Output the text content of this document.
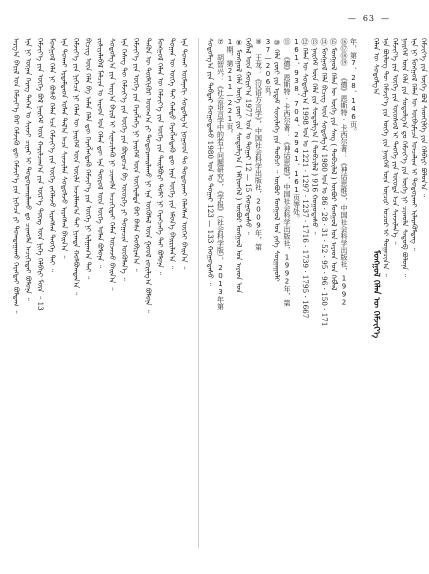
— 63 —
ᠮᠣᠩᠭᠣᠯ ᠬᠡᠯᠡᠨ ᠦ ᠬᠡᠮᠵᠢᠶ᠎ᠡ
ᠠᠷᠭ᠎ᠠ ᠪᠠᠷᠢᠯ ᠤᠨ ᠬᠡᠮᠵᠢᠶ᠎ᠡ ᠪᠡᠷ ᠬᠡᠮᠵᠢᠬᠦ ᠳᠦ ᠬᠡᠮᠵᠢᠶ᠎ᠡ ᠶᠢᠨ ᠨᠢᠭᠡᠴᠡ ᠶᠢ ᠲᠣᠭᠲᠠᠭᠠᠬᠤ ᠬᠡᠷᠡᠭᠲᠡᠢ ᠪᠣᠯᠳᠠᠭ ᠃ ᠡᠨᠡ ᠨᠢ ᠦᠨᠡᠨ ᠬᠡᠷᠡᠭ ᠲᠡᠭᠡᠨ ᠤ ᠰᠢᠨᠵᠢ ᠴᠢᠨᠠᠷ ᠢ ᠲᠣᠳᠣᠷᠬᠠᠢᠯᠠᠬᠤ ᠳᠤ ᠴᠢᠬᠤᠯᠠ ᠠᠴᠢᠬᠢᠲᠠᠢ ᠪᠣᠯᠤᠨᠠ ᠃ ᠬᠡᠮᠵᠢᠶ᠎ᠡ ᠶᠢᠨ ᠥᠭᠡ ᠪᠣᠯ ᠨᠡᠢᠭᠡᠮ ᠦᠨ ᠬᠠᠷᠢᠯᠴᠠᠭ᠎ᠠ ᠶᠢᠨ ᠦᠷ᠎ᠡ ᠳᠦᠩ ᠦᠨ ᠨᠢᠭᠡ ᠬᠡᠯᠪᠡᠷᠢ ᠮᠦᠨ ᠃ 13 ᠮᠣᠩᠭᠣᠯ ᠬᠡᠯᠡ ᠨᠢ ᠪᠣᠰᠤ ᠬᠡᠯᠡᠨ ᠡᠴᠡ ᠬᠡᠮᠵᠢᠶ᠎ᠡ ᠶᠢᠨ ᠦᠭᠡ ᠵᠡᠭᠡᠯᠡᠵᠦ ᠢᠷᠡᠭᠰᠡᠨ ᠲᠡᠦᠬᠡ ᠲᠠᠢ ᠃ ᠡᠨᠡ ᠲᠤᠬᠠᠢ ᠡᠷᠳᠡᠮᠲᠡᠳ ᠣᠯᠠᠨ ᠲᠠᠯ᠎ᠠ ᠠᠴᠠ ᠰᠢᠨᠵᠢᠯᠡᠨ ᠰᠤᠳᠤᠯᠵᠤ ᠢᠷᠡᠭᠰᠡᠨ ᠪᠠᠢᠨ᠎ᠠ ᠃ ᠬᠡᠮᠵᠢᠶ᠎ᠡ ᠶᠢᠨ ᠨᠢᠭᠡᠴᠡ ᠨᠢ ᠬᠡᠯᠡᠨ ᠦ ᠨᠡᠢᠭᠡᠮ ᠦᠨ ᠦᠢᠯᠡ ᠠᠵᠢᠯᠯᠠᠭ᠎ᠠ ᠲᠠᠢ ᠨᠢᠭᠲᠠ ᠬᠣᠯᠪᠣᠭᠳᠠᠨ᠎ᠠ ᠃ ᠪᠢᠴᠢᠭ ᠦᠨ ᠬᠡᠯᠡ ᠪᠠ ᠠᠮᠠᠨ ᠬᠡᠯᠡ ᠳᠦ ᠬᠡᠷᠡᠭᠯᠡᠭᠳᠡᠬᠦ ᠬᠡᠮᠵᠢᠶ᠎ᠡ ᠶᠢᠨ ᠦᠭᠡ ᠨᠢ ᠢᠯᠭᠠᠭ᠎ᠠ ᠲᠠᠢ ᠃ ᠵᠢᠱᠢᠶᠡᠯᠡᠪᠡᠯ ᠮᠠᠯᠴᠢᠨ ᠤ ᠠᠷᠠᠳ ᠤᠨ ᠬᠡᠯᠡᠨ ᠳᠦ ᠡᠨᠡ ᠲᠦᠷᠦᠯ ᠦᠨ ᠦᠭᠡ ᠣᠯᠠᠨ ᠪᠣᠯᠤᠨᠠ ᠃ ᠰᠤᠳᠤᠯᠭ᠎ᠠ ᠶᠢᠨ ᠠᠷᠭ᠎ᠠ ᠪᠠᠷᠢᠯ ᠢ ᠰᠢᠨᠡᠴᠢᠯᠡᠬᠦ ᠨᠢ ᠴᠢᠬᠤᠯᠠ ᠠᠴᠢᠬᠢᠲᠠᠢ ᠬᠡᠮᠡᠨ ᠦᠵᠡᠵᠦ ᠪᠠᠢᠨ᠎ᠠ ᠃ ᠡᠨᠡ ᠬᠡᠰᠡᠭ ᠲᠦ ᠬᠡᠮᠵᠢᠶ᠎ᠡ ᠶᠢᠨ ᠦᠭᠡ ᠶᠢᠨ ᠪᠦᠲᠦᠴᠡ ᠪᠠ ᠦᠦᠷᠭᠡ ᠶᠢ ᠲᠣᠭᠠᠴᠢᠨ ᠦᠭᠦᠯᠡᠨ᠎ᠡ ᠃ ᠬᠡᠮᠵᠢᠶ᠎ᠡ ᠶᠢᠨ ᠦᠭᠡ ᠶᠢᠨ ᠬᠡᠷᠡᠭᠯᠡᠭᠡ ᠨᠢ ᠨᠡᠢᠭᠡᠮ ᠦᠨ ᠥᠭᠡᠷᠡᠯᠲᠡ ᠪᠡᠷ ᠪᠠᠰᠠ ᠬᠤᠪᠢᠷᠠᠨ᠎ᠠ ᠃ ᠲᠡᠭᠦᠨ ᠦ ᠲᠦᠯᠬᠢᠭᠦᠷ ᠤᠳᠬ᠎ᠠ ᠶᠢ ᠲᠣᠳᠣᠷᠬᠠᠢᠯᠠᠬᠤ ᠨᠢ ᠡᠨᠡ ᠥᠭᠦᠯᠡᠯ ᠦᠨ ᠭᠣᠣᠯ ᠵᠣᠷᠢᠯᠭ᠎ᠠ ᠪᠣᠯᠤᠨᠠ ᠃ ᠮᠣᠩᠭᠣᠯ ᠬᠡᠯᠡᠨ ᠦ ᠬᠡᠮᠵᠢᠶ᠎ᠡ ᠶᠢᠨ ᠦᠭᠡ ᠶᠢᠨ ᠲᠠᠢᠯᠪᠤᠷᠢ ᠲᠣᠯᠢ ᠨᠢ ᠬᠡᠷᠡᠭᠴᠡᠭᠡ ᠲᠠᠢ ᠪᠣᠯᠤᠨᠠ ᠃ ᠲᠣᠭᠠᠨ ᠦ ᠦᠭᠡ ᠲᠡᠢ ᠬᠠᠮᠲᠤ ᠬᠡᠷᠡᠭᠯᠡᠭᠳᠡᠬᠦ ᠳᠦ ᠨᠡᠷᠡ ᠦᠭᠡ ᠶᠢᠨ ᠡᠮᠦᠨ᠎ᠡ ᠪᠠᠢᠷᠢᠯᠠᠨ᠎ᠠ ᠃ ᠡᠨᠡ ᠲᠤᠬᠠᠢ ᠥᠮᠡᠨᠡᠬᠢ ᠰᠤᠳᠤᠯᠭ᠎ᠠ ᠨᠤᠭᠤᠳ ᠲᠤ ᠲᠣᠳᠣᠷᠬᠠᠢ ᠬᠡᠯᠡᠭᠰᠡᠨ ᠦᠭᠡᠢ ᠪᠠᠢᠨ᠎ᠠ ᠃ ᠰᠤᠳᠤᠯᠭ᠎ᠠ ᠶᠢᠨ ᠳᠡᠪᠲᠡᠷ ᠬᠤᠭᠤᠳᠠᠰᠤ 1980 ᠣᠨ ᠤ ᠳᠤᠭᠠᠷ 123 — 133 ᠬᠤᠭᠤᠳᠠᠰᠤ ᠃ ⑦ 胡智兴：《社会语言学中的若干问题研究》，《学报》（社会科学版），2013年第 1期，第211—221页。 ⑧ ᠮᠣᠩᠭᠣᠯ ᠬᠡᠯᠡ ᠦᠭᠡ ᠵᠦᠢ ᠶᠢᠨ ᠰᠤᠳᠤᠯᠭ᠎ᠠ ( ᠡᠮᠬᠢᠳᠬᠡᠯ ) ᠦᠪᠦᠷ ᠮᠣᠩᠭᠣᠯ ᠤᠨ ᠠᠷᠠᠳ ᠤᠨ ᠬᠡᠪᠯᠡᠯ ᠦᠨ ᠬᠣᠷᠢᠶ᠎ᠠ 1977 ᠣᠨ ᠤ ᠳᠤᠭᠠᠷ 12 — 15 ᠬᠤᠭᠤᠳᠠᠰᠤ ᠃ ⑨ 王龙：《汉语方言学》，中国社会科学出版社，2009年，第 37—206页。 ⑩ ᠬᠡᠯᠡ ᠵᠦᠢ ᠶᠢᠨ ᠡᠷᠳᠡᠮ ᠰᠢᠨᠵᠢᠯᠡᠭᠡ ᠶᠢᠨ ᠲᠣᠪᠴᠢ ᠃ ᠦᠪᠦᠷ ᠮᠣᠩᠭᠣᠯ ᠤᠨ ᠶᠡᠬᠡ ᠰᠤᠷᠭᠠᠭᠤᠯᠢ ⑪ 《德》恩斯特·卡西尔著：《神话思维》，中国社会科学出版社，1992年，第 161、938、704、2941、161页等处。 ⑫ ᠬᠡᠯᠡᠨ ᠦ ᠰᠤᠳᠤᠯᠭ᠎ᠠ 1998 ᠣᠨ ᠤ 1221 · 1297 · 1237 · 1716 · 1739 · 1795 · 1667 ⑬ ᠨᠡᠢᠭᠡᠮ ᠦᠨ ᠬᠡᠯᠡ ᠶᠢᠨ ᠰᠤᠳᠤᠯᠭ᠎ᠠ ( ᠲᠣᠪᠴᠢᠯᠠᠯ ) 916 ᠬᠤᠭᠤᠳᠠᠰᠤ ᠃ ⑭ ᠮᠣᠩᠭᠣᠯ ᠬᠡᠯᠡ ᠪᠢᠴᠢᠭ ᠦᠨ ᠰᠤᠳᠤᠯᠭ᠎ᠠ 1980 ᠣᠨ ᠤ 86 · 28 · 31 · 52 · 95 · 96 · 150 · 171 ⑮ ᠮᠣᠩᠭᠣᠯ ᠬᠡᠯᠡᠨ ᠦ ᠦᠭᠡ ᠶᠢᠨ ᠰᠠᠩ ( ᠲᠣᠪᠴᠢᠯᠠᠯ ) ᠦᠪᠦᠷ ᠮᠣᠩᠭᠣᠯ ᠤᠨ ᠠᠷᠠᠳ ᠤᠨ ᠬᠡᠪᠯᠡᠯ ⑯⑰⑱⑲ 《德》恩斯特·卡西尔著：《神话思维》，中国社会科学出版社，1992 年，第7、28、146页。 ᠬᠡᠯᠡᠨ ᠦ ᠰᠤᠳᠤᠯᠭ᠎ᠠ ᠡᠨᠡ ᠪᠦᠯᠦᠭ ᠲᠦ ᠬᠡᠮᠵᠢᠶ᠎ᠡ ᠶᠢᠨ ᠦᠭᠡ ᠶᠢᠨ ᠨᠡᠢᠭᠡᠮ ᠦᠨ ᠦᠴᠢᠷ ᠤᠴᠤᠷ ᠢ ᠲᠣᠭᠠᠴᠢᠨ᠎ᠠ ᠃ ᠬᠡᠮᠵᠢᠶ᠎ᠡ ᠶᠢᠨ ᠦᠭᠡ ᠶᠢᠨ ᠦᠦᠰᠦᠯ ᠢ ᠲᠡᠦᠬᠡ ᠶᠢᠨ ᠦᠦᠳᠡ ᠡᠴᠡ ᠰᠢᠨᠵᠢᠯᠡᠨ᠎ᠡ ᠃ ᠨᠡᠢᠭᠡᠮ ᠦᠨ ᠬᠡᠯᠡ ᠶᠢᠨ ᠰᠤᠳᠤᠯᠭ᠎ᠠ ᠳᠤ ᠬᠡᠮᠵᠢᠶ᠎ᠡ ᠶᠢᠨ ᠦᠭᠡ ᠨᠢ ᠴᠢᠬᠤᠯᠠ ᠰᠡᠳᠦᠪ ᠪᠣᠯᠤᠨᠠ ᠃ ᠡᠨᠡ ᠨᠢ ᠮᠣᠩᠭᠣᠯ ᠬᠡᠯᠡᠨ ᠦ ᠥᠪᠡᠷᠮᠢᠴᠡ ᠣᠨᠴᠠᠯᠢᠭ ᠢ ᠲᠣᠳᠣᠷᠬᠠᠢ ᠢᠯᠡᠷᠡᠭᠦᠯᠳᠡᠭ ᠃ ᠬᠡᠮᠵᠢᠶ᠎ᠡ ᠶᠢᠨ ᠦᠭᠡ ᠪᠣᠯ ᠰᠡᠳᠬᠢᠯᠭᠡ ᠶᠢᠨ ᠬᠡᠯᠪᠡᠷᠢ ᠪᠣᠯᠤᠨ᠎ᠠ ᠃
